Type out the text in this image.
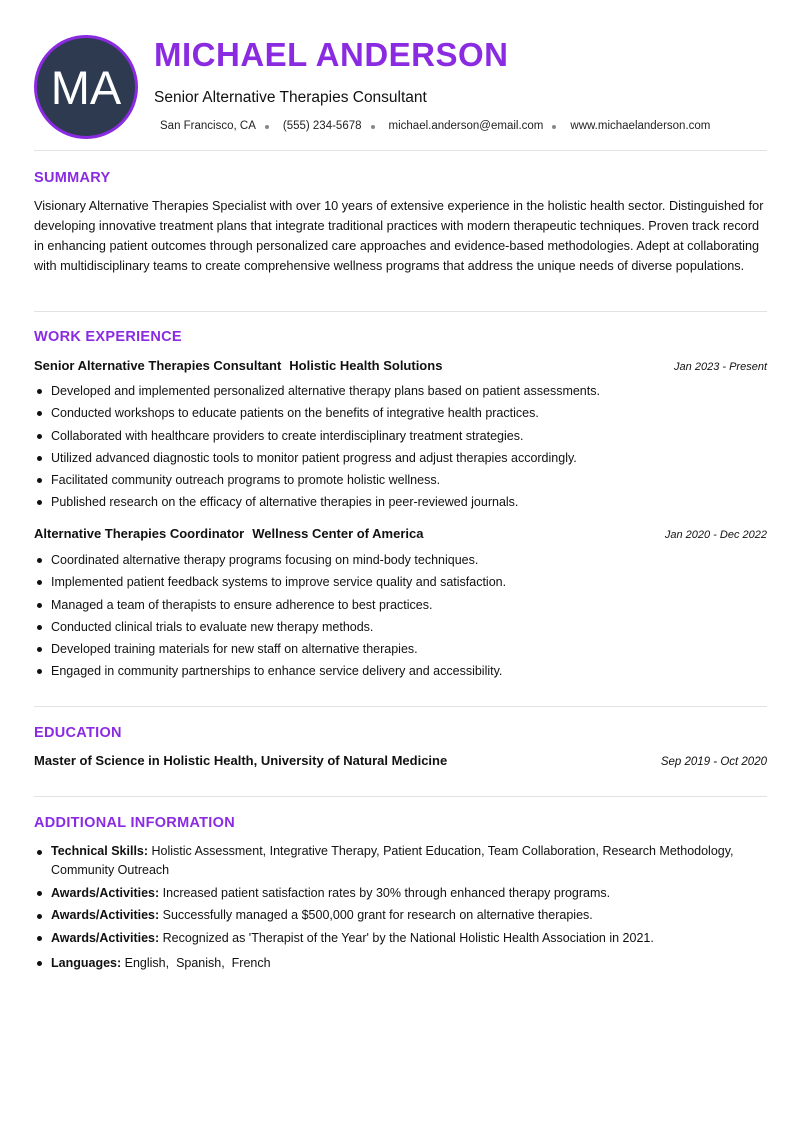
MA
MICHAEL ANDERSON
Senior Alternative Therapies Consultant
San Francisco, CA (555) 234-5678 michael.anderson@email.com www.michaelanderson.com
SUMMARY
Visionary Alternative Therapies Specialist with over 10 years of extensive experience in the holistic health sector. Distinguished for developing innovative treatment plans that integrate traditional practices with modern therapeutic techniques. Proven track record in enhancing patient outcomes through personalized care approaches and evidence-based methodologies. Adept at collaborating with multidisciplinary teams to create comprehensive wellness programs that address the unique needs of diverse populations.
WORK EXPERIENCE
Senior Alternative Therapies Consultant Holistic Health Solutions	Jan 2023 - Present
Developed and implemented personalized alternative therapy plans based on patient assessments.
Conducted workshops to educate patients on the benefits of integrative health practices.
Collaborated with healthcare providers to create interdisciplinary treatment strategies.
Utilized advanced diagnostic tools to monitor patient progress and adjust therapies accordingly.
Facilitated community outreach programs to promote holistic wellness.
Published research on the efficacy of alternative therapies in peer-reviewed journals.
Alternative Therapies Coordinator Wellness Center of America	Jan 2020 - Dec 2022
Coordinated alternative therapy programs focusing on mind-body techniques.
Implemented patient feedback systems to improve service quality and satisfaction.
Managed a team of therapists to ensure adherence to best practices.
Conducted clinical trials to evaluate new therapy methods.
Developed training materials for new staff on alternative therapies.
Engaged in community partnerships to enhance service delivery and accessibility.
EDUCATION
Master of Science in Holistic Health, University of Natural Medicine	Sep 2019 - Oct 2020
ADDITIONAL INFORMATION
Technical Skills: Holistic Assessment, Integrative Therapy, Patient Education, Team Collaboration, Research Methodology, Community Outreach
Awards/Activities: Increased patient satisfaction rates by 30% through enhanced therapy programs.
Awards/Activities: Successfully managed a $500,000 grant for research on alternative therapies.
Awards/Activities: Recognized as 'Therapist of the Year' by the National Holistic Health Association in 2021.
Languages: English,  Spanish,  French
